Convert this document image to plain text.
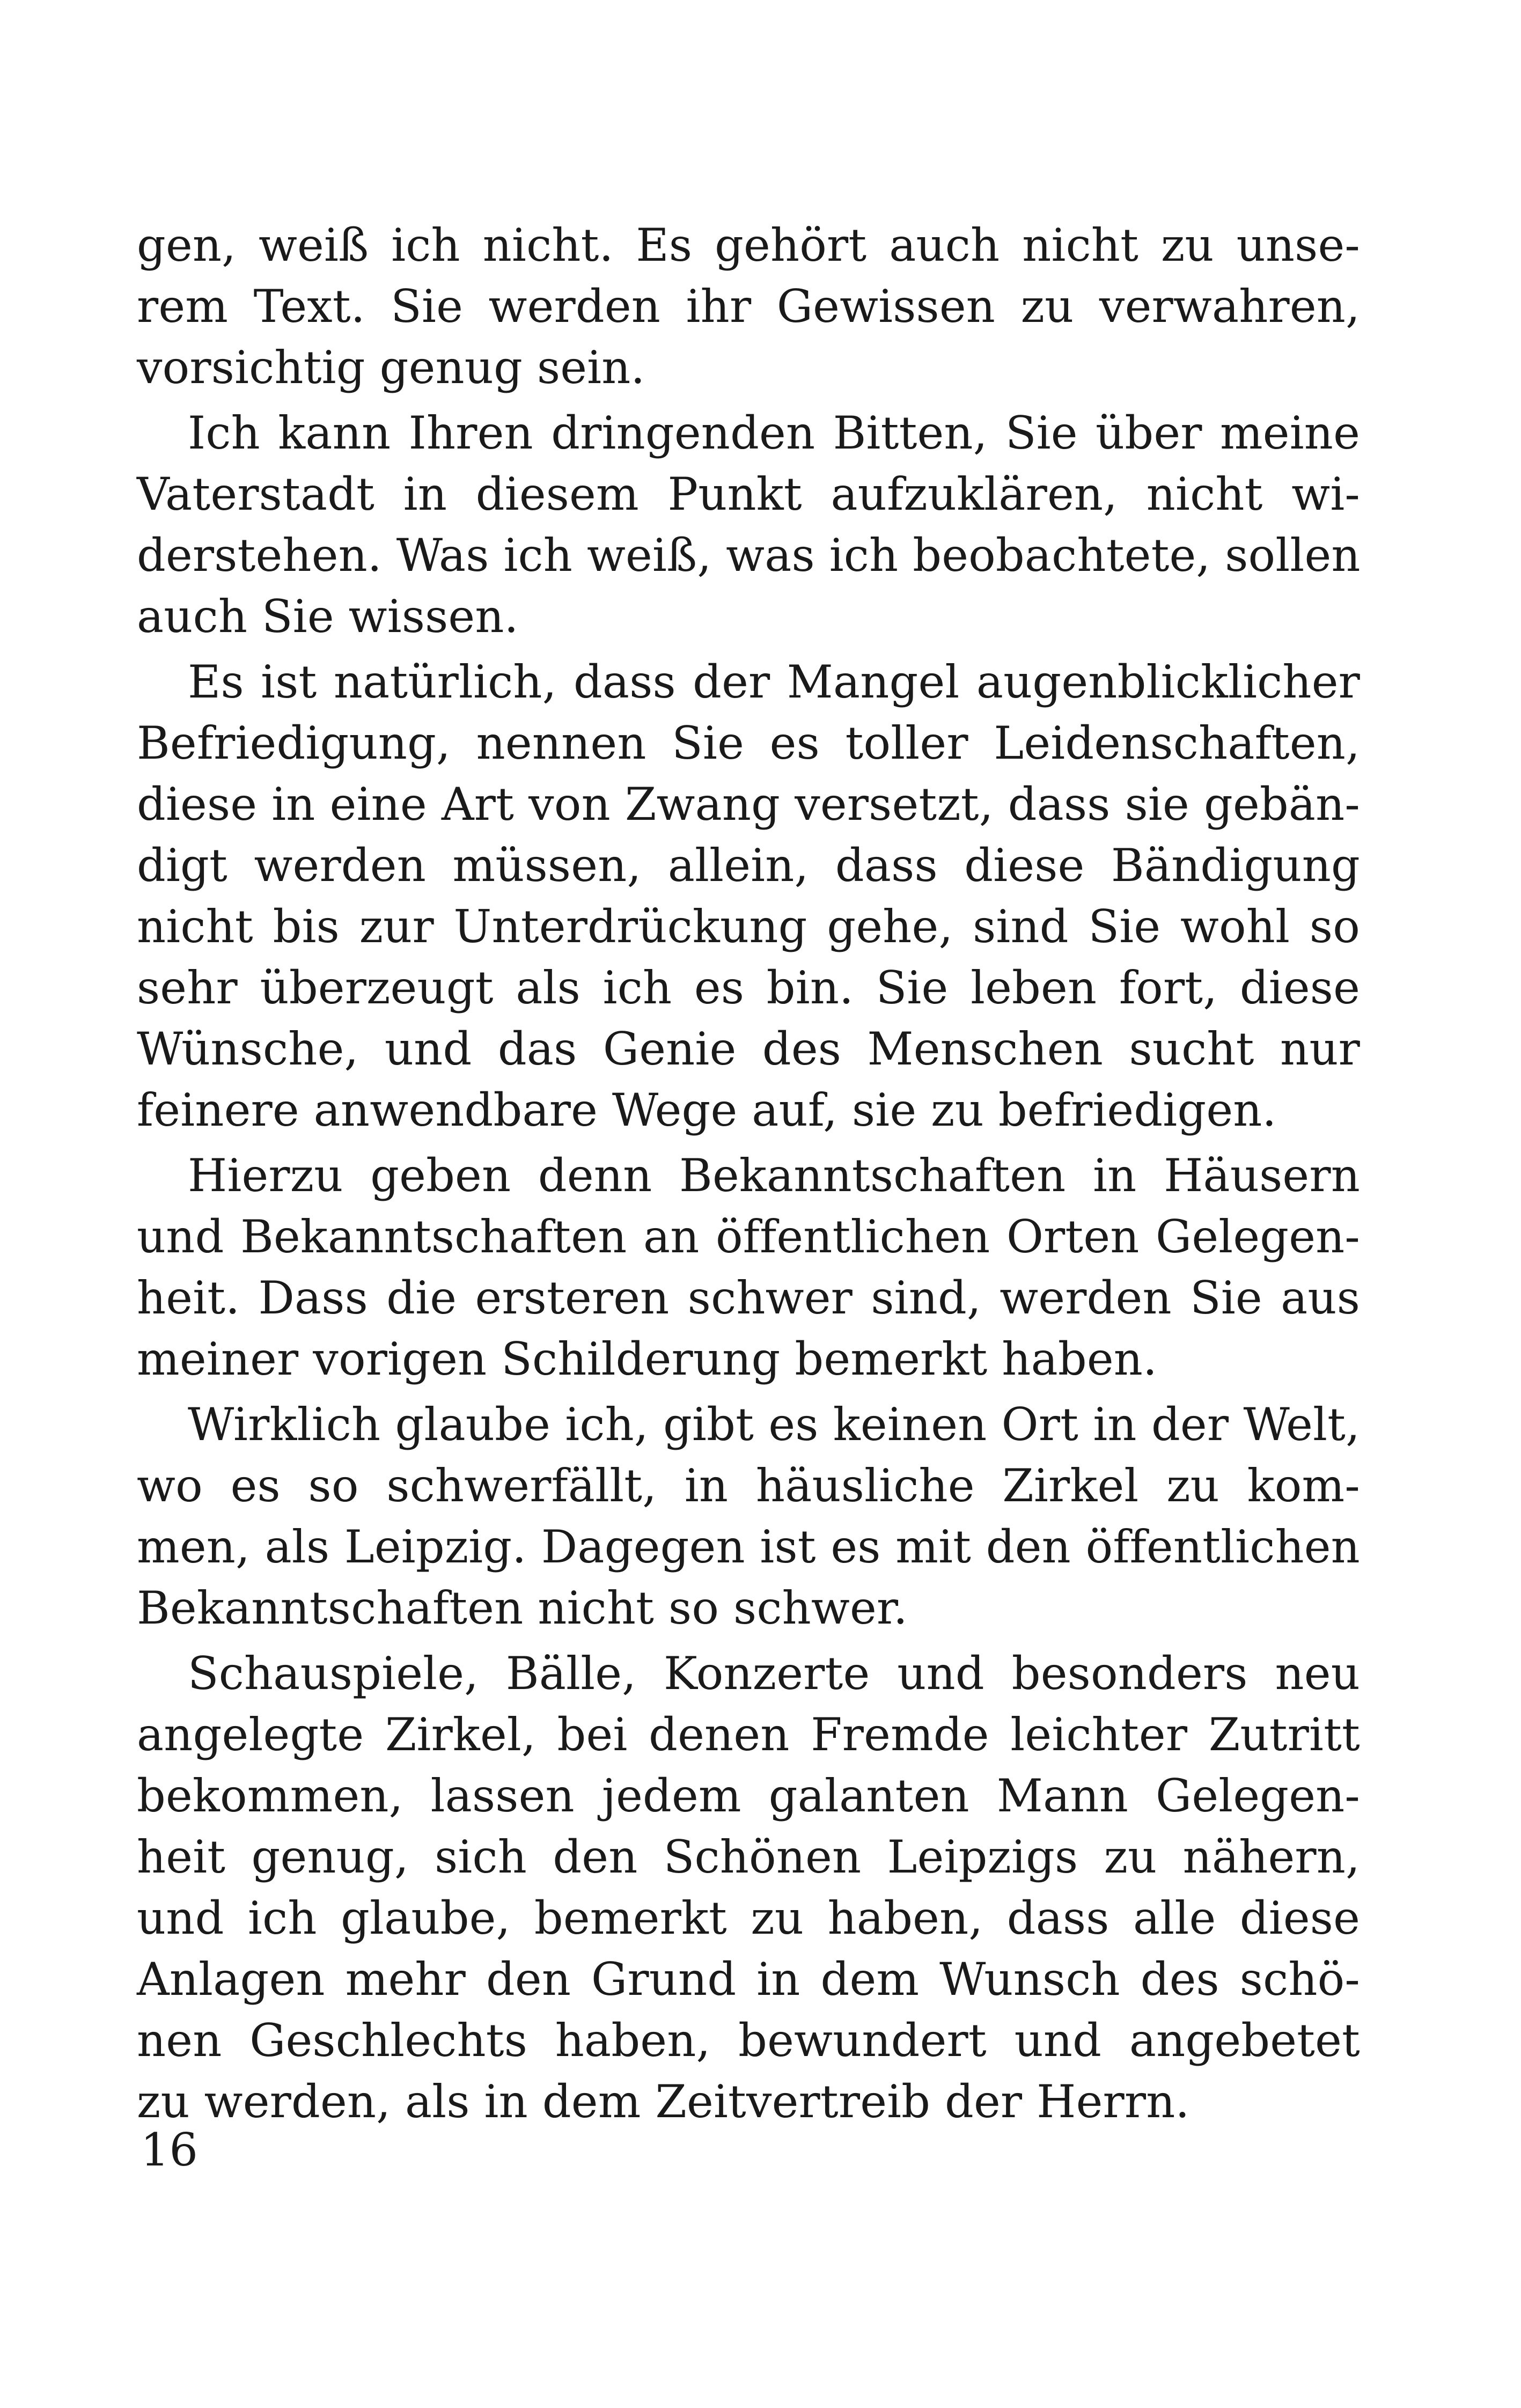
gen, weiß ich nicht. Es gehört auch nicht zu unse-
rem Text. Sie werden ihr Gewissen zu verwahren,
vorsichtig genug sein.
Ich kann Ihren dringenden Bitten, Sie über meine
Vaterstadt in diesem Punkt aufzuklären, nicht wi-
derstehen. Was ich weiß, was ich beobachtete, sollen
auch Sie wissen.
Es ist natürlich, dass der Mangel augenblicklicher
Befriedigung, nennen Sie es toller Leidenschaften,
diese in eine Art von Zwang versetzt, dass sie gebän-
digt werden müssen, allein, dass diese Bändigung
nicht bis zur Unterdrückung gehe, sind Sie wohl so
sehr überzeugt als ich es bin. Sie leben fort, diese
Wünsche, und das Genie des Menschen sucht nur
feinere anwendbare Wege auf, sie zu befriedigen.
Hierzu geben denn Bekanntschaften in Häusern
und Bekanntschaften an öffentlichen Orten Gelegen-
heit. Dass die ersteren schwer sind, werden Sie aus
meiner vorigen Schilderung bemerkt haben.
Wirklich glaube ich, gibt es keinen Ort in der Welt,
wo es so schwerfällt, in häusliche Zirkel zu kom-
men, als Leipzig. Dagegen ist es mit den öffentlichen
Bekanntschaften nicht so schwer.
Schauspiele, Bälle, Konzerte und besonders neu
angelegte Zirkel, bei denen Fremde leichter Zutritt
bekommen, lassen jedem galanten Mann Gelegen-
heit genug, sich den Schönen Leipzigs zu nähern,
und ich glaube, bemerkt zu haben, dass alle diese
Anlagen mehr den Grund in dem Wunsch des schö-
nen Geschlechts haben, bewundert und angebetet
zu werden, als in dem Zeitvertreib der Herrn.
16
